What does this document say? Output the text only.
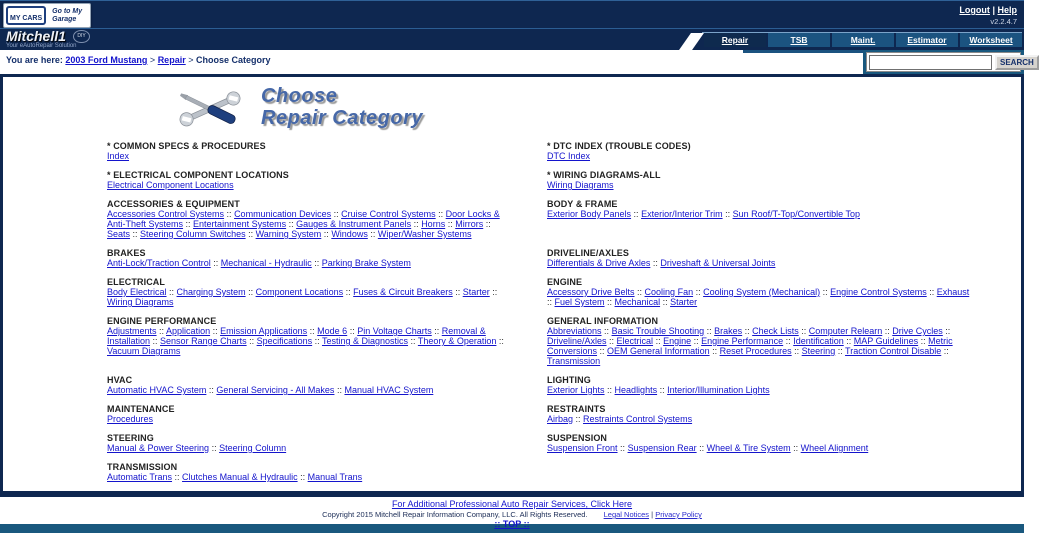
MY CARS
Go to My Garage
Logout | Help
v2.2.4.7
Mitchell1 DIY
Your eAutoRepair Solution
Repair	TSB	Maint.	Estimator	Worksheet
You are here: 2003 Ford Mustang > Repair > Choose Category	SEARCH
Choose
Repair Category
* COMMON SPECS & PROCEDURES
Index
* DTC INDEX (TROUBLE CODES)
DTC Index
* ELECTRICAL COMPONENT LOCATIONS
Electrical Component Locations
* WIRING DIAGRAMS-ALL
Wiring Diagrams
ACCESSORIES & EQUIPMENT
Accessories Control Systems :: Communication Devices :: Cruise Control Systems :: Door Locks & Anti-Theft Systems :: Entertainment Systems :: Gauges & Instrument Panels :: Horns :: Mirrors :: Seats :: Steering Column Switches :: Warning System :: Windows :: Wiper/Washer Systems
BODY & FRAME
Exterior Body Panels :: Exterior/Interior Trim :: Sun Roof/T-Top/Convertible Top
BRAKES
Anti-Lock/Traction Control :: Mechanical - Hydraulic :: Parking Brake System
DRIVELINE/AXLES
Differentials & Drive Axles :: Driveshaft & Universal Joints
ELECTRICAL
Body Electrical :: Charging System :: Component Locations :: Fuses & Circuit Breakers :: Starter :: Wiring Diagrams
ENGINE
Accessory Drive Belts :: Cooling Fan :: Cooling System (Mechanical) :: Engine Control Systems :: Exhaust :: Fuel System :: Mechanical :: Starter
ENGINE PERFORMANCE
Adjustments :: Application :: Emission Applications :: Mode 6 :: Pin Voltage Charts :: Removal & Installation :: Sensor Range Charts :: Specifications :: Testing & Diagnostics :: Theory & Operation :: Vacuum Diagrams
GENERAL INFORMATION
Abbreviations :: Basic Trouble Shooting :: Brakes :: Check Lists :: Computer Relearn :: Drive Cycles :: Driveline/Axles :: Electrical :: Engine :: Engine Performance :: Identification :: MAP Guidelines :: Metric Conversions :: OEM General Information :: Reset Procedures :: Steering :: Traction Control Disable :: Transmission
HVAC
Automatic HVAC System :: General Servicing - All Makes :: Manual HVAC System
LIGHTING
Exterior Lights :: Headlights :: Interior/Illumination Lights
MAINTENANCE
Procedures
RESTRAINTS
Airbag :: Restraints Control Systems
STEERING
Manual & Power Steering :: Steering Column
SUSPENSION
Suspension Front :: Suspension Rear :: Wheel & Tire System :: Wheel Alignment
TRANSMISSION
Automatic Trans :: Clutches Manual & Hydraulic :: Manual Trans
For Additional Professional Auto Repair Services, Click Here
Copyright 2015 Mitchell Repair Information Company, LLC. All Rights Reserved. Legal Notices | Privacy Policy
:: TOP ::
